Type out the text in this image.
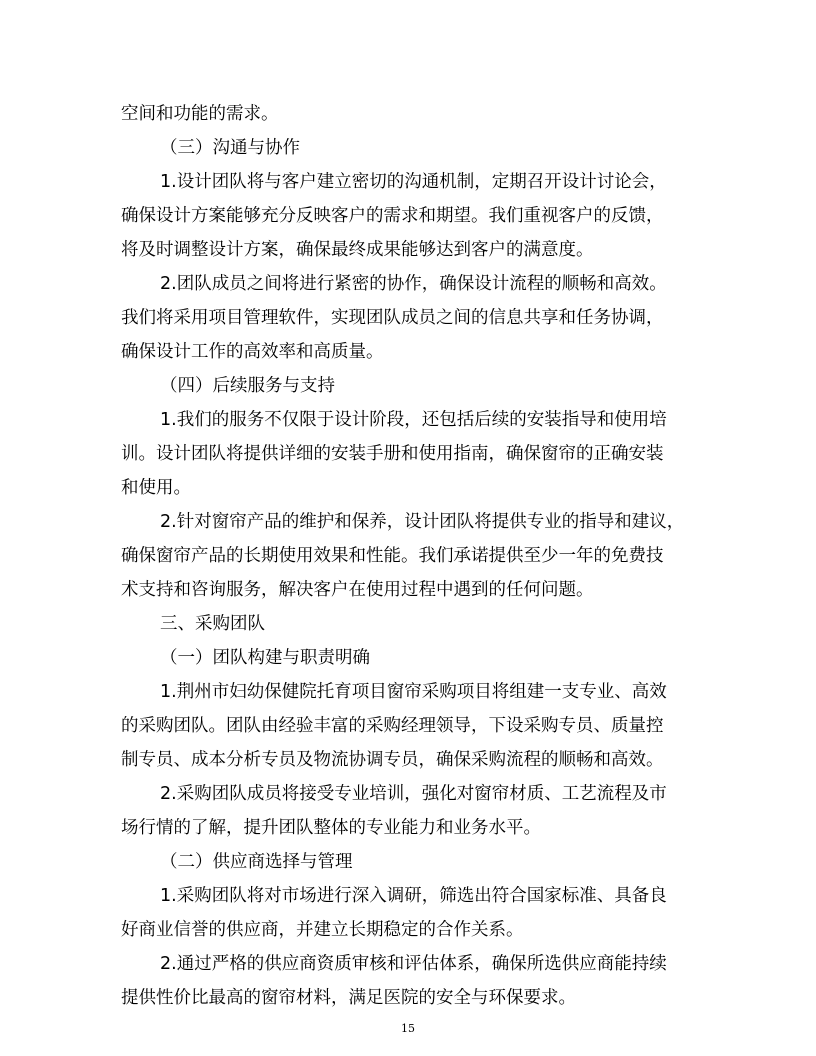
空间和功能的需求。
（三）沟通与协作
1.设计团队将与客户建立密切的沟通机制，定期召开设计讨论会，
确保设计方案能够充分反映客户的需求和期望。我们重视客户的反馈，
将及时调整设计方案，确保最终成果能够达到客户的满意度。
2.团队成员之间将进行紧密的协作，确保设计流程的顺畅和高效。
我们将采用项目管理软件，实现团队成员之间的信息共享和任务协调，
确保设计工作的高效率和高质量。
（四）后续服务与支持
1.我们的服务不仅限于设计阶段，还包括后续的安装指导和使用培
训。设计团队将提供详细的安装手册和使用指南，确保窗帘的正确安装
和使用。
2.针对窗帘产品的维护和保养，设计团队将提供专业的指导和建议，
确保窗帘产品的长期使用效果和性能。我们承诺提供至少一年的免费技
术支持和咨询服务，解决客户在使用过程中遇到的任何问题。
三、采购团队
（一）团队构建与职责明确
1.荆州市妇幼保健院托育项目窗帘采购项目将组建一支专业、高效
的采购团队。团队由经验丰富的采购经理领导，下设采购专员、质量控
制专员、成本分析专员及物流协调专员，确保采购流程的顺畅和高效。
2.采购团队成员将接受专业培训，强化对窗帘材质、工艺流程及市
场行情的了解，提升团队整体的专业能力和业务水平。
（二）供应商选择与管理
1.采购团队将对市场进行深入调研，筛选出符合国家标准、具备良
好商业信誉的供应商，并建立长期稳定的合作关系。
2.通过严格的供应商资质审核和评估体系，确保所选供应商能持续
提供性价比最高的窗帘材料，满足医院的安全与环保要求。
15
